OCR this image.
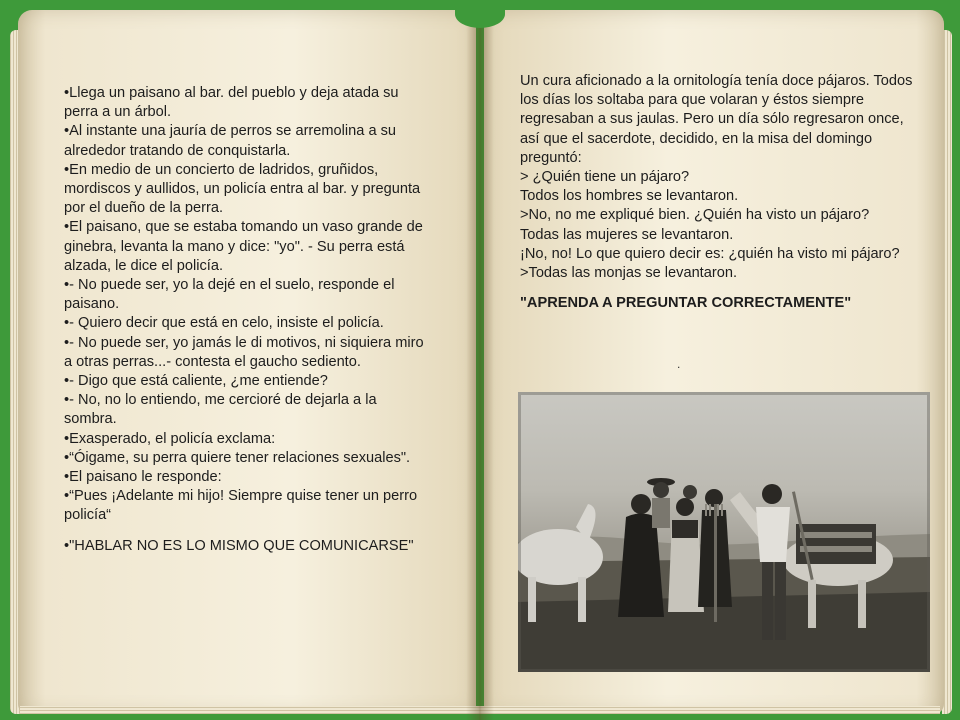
•Llega un paisano al bar. del pueblo y deja atada su perra a un árbol.

•Al instante una jauría de perros se arremolina a su alrededor tratando de conquistarla.

•En medio de un concierto de ladridos, gruñidos, mordiscos y aullidos, un policía entra al bar. y pregunta por el dueño de la perra.

•El paisano, que se estaba tomando un vaso grande de ginebra, levanta la mano y dice: "yo". - Su perra está alzada, le dice el policía.

•- No puede ser, yo la dejé en el suelo, responde el paisano.

•- Quiero decir que está en celo, insiste el policía.

•- No puede ser, yo jamás le di motivos, ni siquiera miro a otras perras...- contesta el gaucho sediento.

•- Digo que está caliente, ¿me entiende?

•- No, no lo entiendo, me cercioré de dejarla a la sombra.

•Exasperado, el policía exclama:

•“Óigame, su perra quiere tener relaciones sexuales".

•El paisano le responde:

•“Pues ¡Adelante mi hijo! Siempre quise tener un perro policía“

•"HABLAR NO ES LO MISMO QUE COMUNICARSE"

Un cura aficionado a la ornitología tenía doce pájaros. Todos los días los soltaba para que volaran y éstos siempre regresaban a sus jaulas. Pero un día sólo regresaron once, así que el sacerdote, decidido, en la misa del domingo preguntó:

> ¿Quién tiene un pájaro?

Todos los hombres se levantaron.

>No, no me expliqué bien. ¿Quién ha visto un pájaro?

Todas las mujeres se levantaron.

¡No, no! Lo que quiero decir es: ¿quién ha visto mi pájaro?

>Todas las monjas se levantaron.

"APRENDA A PREGUNTAR CORRECTAMENTE"

.
